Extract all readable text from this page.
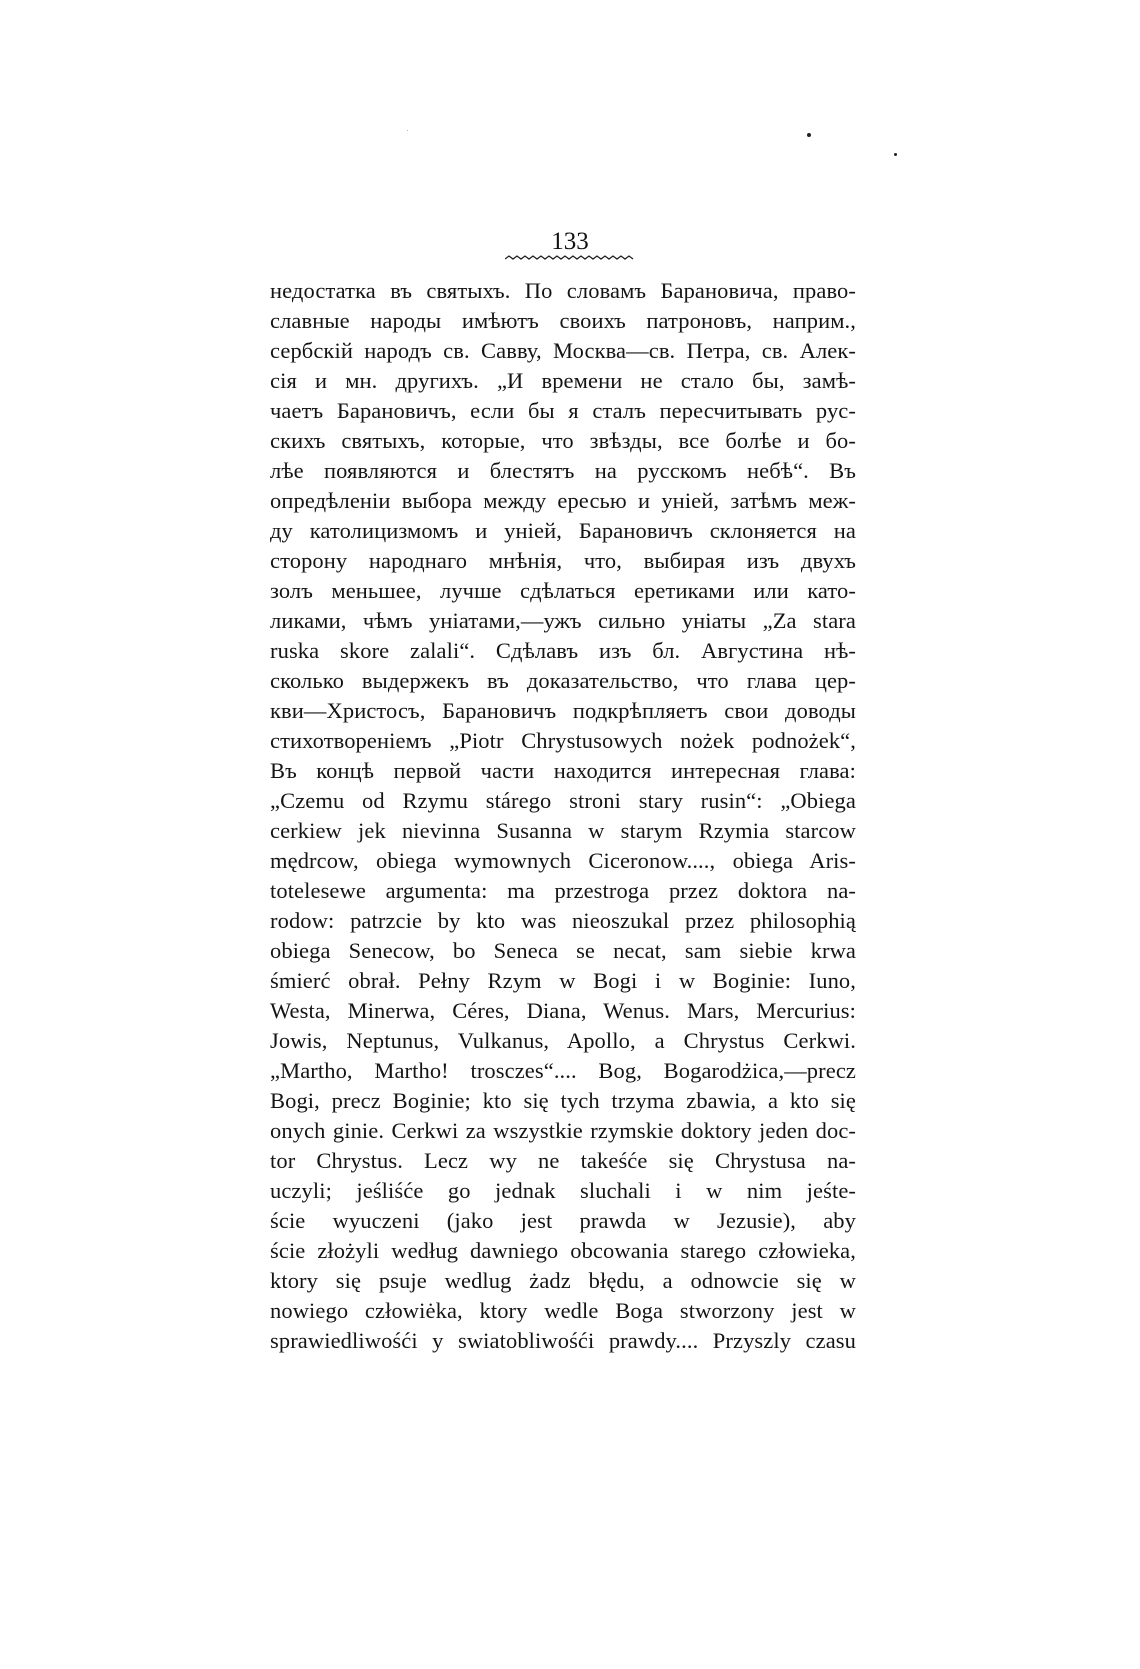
133
недостатка въ святыхъ. По словамъ Барановича, право-
славные народы имѣютъ своихъ патроновъ, наприм.,
сербскій народъ св. Савву, Москва—св. Петра, св. Алек-
сія и мн. другихъ. „И времени не стало бы, замѣ-
чаетъ Барановичъ, если бы я сталъ пересчитывать рус-
скихъ святыхъ, которые, что звѣзды, все болѣе и бо-
лѣе появляются и блестятъ на русскомъ небѣ“. Въ
опредѣленіи выбора между ересью и уніей, затѣмъ меж-
ду католицизмомъ и уніей, Барановичъ склоняется на
сторону народнаго мнѣнія, что, выбирая изъ двухъ
золъ меньшее, лучше сдѣлаться еретиками или като-
ликами, чѣмъ уніатами,—ужъ сильно уніаты „Za stara
ruska skore zalali“. Сдѣлавъ изъ бл. Августина нѣ-
сколько выдержекъ въ доказательство, что глава цер-
кви—Христосъ, Барановичъ подкрѣпляетъ свои доводы
стихотвореніемъ „Piotr Chrystusowych nożek podnożek“,
Въ концѣ первой части находится интересная глава:
„Czemu od Rzymu stárego stroni stary rusin“: „Obiega
cerkiew jek nievinna Susanna w starym Rzymia starcow
mędrcow, obiega wymownych Ciceronow...., obiega Aris-
totelesewe argumenta: ma przestroga przez doktora na-
rodow: patrzcie by kto was nieoszukal przez philosophią
obiega Senecow, bo Seneca se necat, sam siebie krwa
śmierć obrał. Pełny Rzym w Bogi i w Boginie: Iuno,
Westa, Minerwa, Céres, Diana, Wenus. Mars, Mercurius:
Jowis, Neptunus, Vulkanus, Apollo, a Chrystus Cerkwi.
„Martho, Martho! trosczes“.... Bog, Bogarodżica,—precz
Bogi, precz Boginie; kto się tych trzyma zbawia, a kto się
onych ginie. Cerkwi za wszystkie rzymskie doktory jeden doc-
tor Chrystus. Lecz wy ne takeśće się Chrystusa na-
uczyli; jeśliśće go jednak sluchali i w nim jeśte-
ście wyuczeni (jako jest prawda w Jezusie), aby
ście złożyli według dawniego obcowania starego człowieka,
ktory się psuje wedlug żadz błędu, a odnowcie się w
nowiego człowiėka, ktory wedle Boga stworzony jest w
sprawiedliwośći y swiatobliwośći prawdy.... Przyszly czasu
